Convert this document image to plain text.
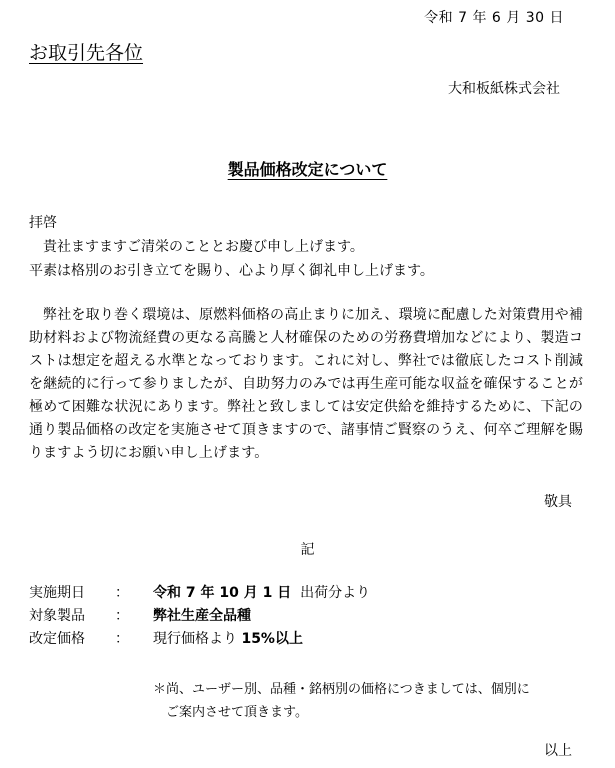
令和 7 年 6 月 30 日

お取引先各位

大和板紙株式会社

製品価格改定について

拝啓

貴社ますますご清栄のこととお慶び申し上げます。

平素は格別のお引き立てを賜り、心より厚く御礼申し上げます。

弊社を取り巻く環境は、原燃料価格の高止まりに加え、環境に配慮した対策費用や補助材料および物流経費の更なる高騰と人材確保のための労務費増加などにより、製造コストは想定を超える水準となっております。これに対し、弊社では徹底したコスト削減を継続的に行って参りましたが、自助努力のみでは再生産可能な収益を確保することが極めて困難な状況にあります。弊社と致しましては安定供給を維持するために、下記の通り製品価格の改定を実施させて頂きますので、諸事情ご賢察のうえ、何卒ご理解を賜りますよう切にお願い申し上げます。

敬具

記

実施期日	：	令和 7 年 10 月 1 日 出荷分より
対象製品	：	弊社生産全品種
改定価格	：	現行価格より 15%以上

＊尚、ユーザー別、品種・銘柄別の価格につきましては、個別に

ご案内させて頂きます。

以上
